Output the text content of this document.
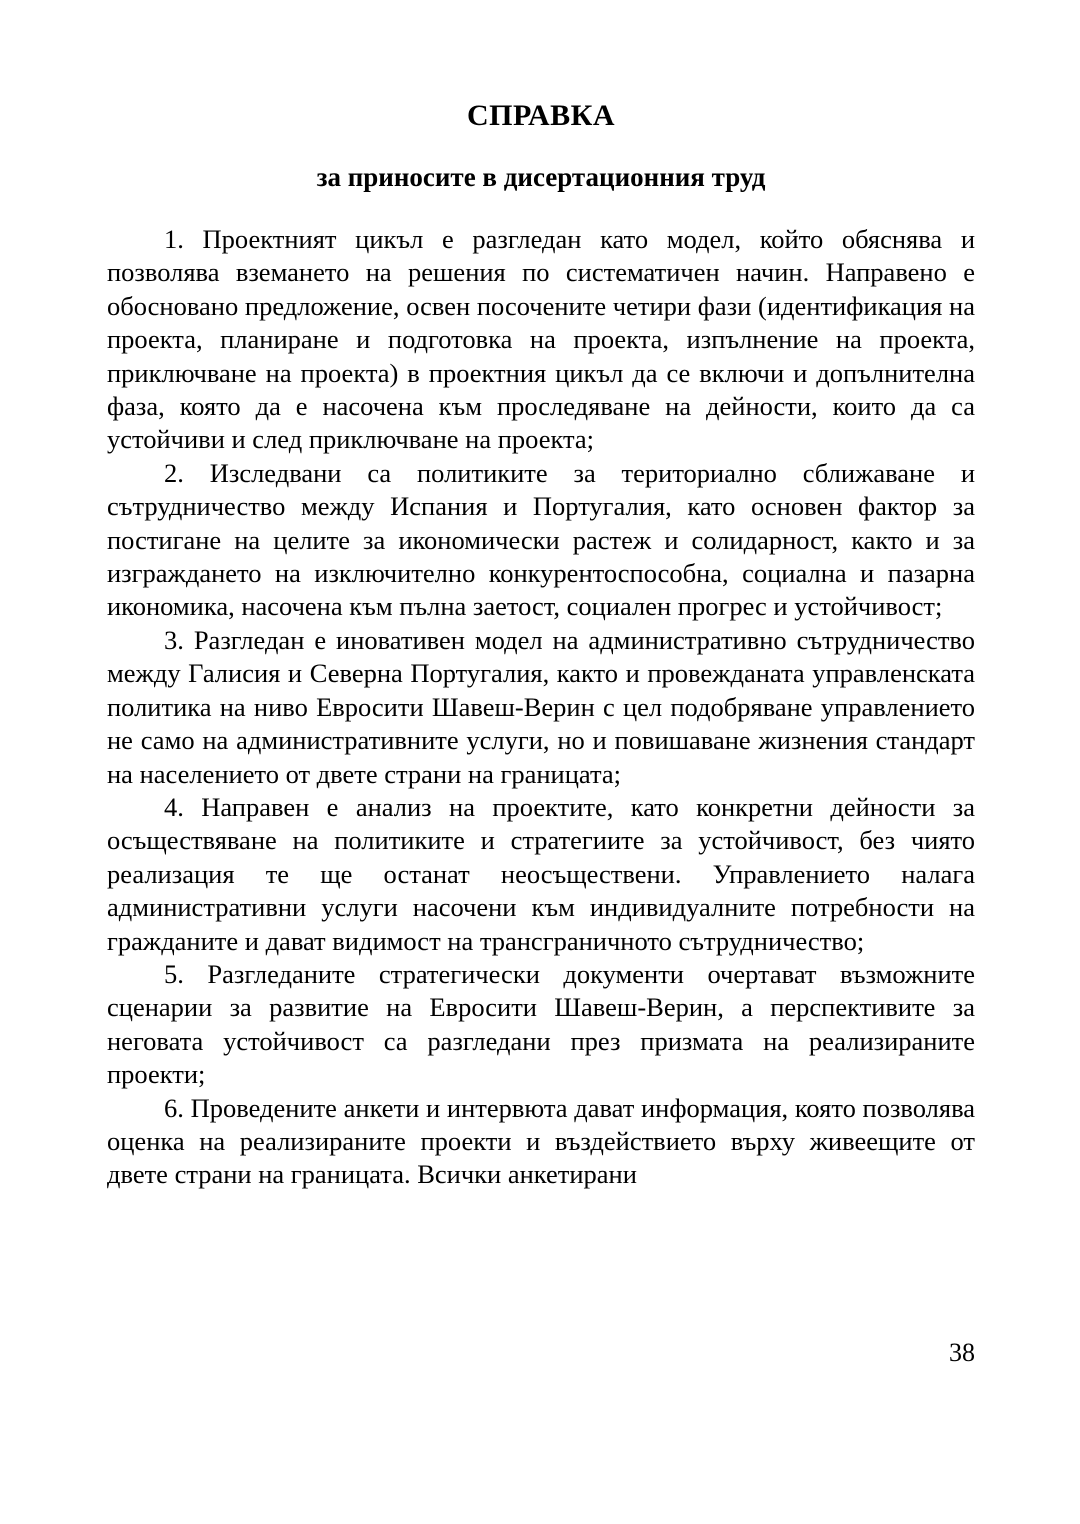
СПРАВКА
за приносите в дисертационния труд

1. Проектният цикъл е разгледан като модел, който обяснява и позволява вземането на решения по систематичен начин. Направено е обосновано предложение, освен посочените четири фази (идентификация на проекта, планиране и подготовка на проекта, изпълнение на проекта, приключване на проекта) в проектния цикъл да се включи и допълнителна фаза, която да е насочена към проследяване на дейности, които да са устойчиви и след приключване на проекта;

2. Изследвани са политиките за териториално сближаване и сътрудничество между Испания и Португалия, като основен фактор за постигане на целите за икономически растеж и солидарност, както и за изграждането на изключително конкурентоспособна, социална и пазарна икономика, насочена към пълна заетост, социален прогрес и устойчивост;

3. Разгледан е иновативен модел на административно сътрудничество между Галисия и Северна Португалия, както и провежданата управленската политика на ниво Евросити Шавеш-Верин с цел подобряване управлението не само на административните услуги, но и повишаване жизнения стандарт на населението от двете страни на границата;

4. Направен е анализ на проектите, като конкретни дейности за осъществяване на политиките и стратегиите за устойчивост, без чиято реализация те ще останат неосъществени. Управлението налага административни услуги насочени към индивидуалните потребности на гражданите и дават видимост на трансграничното сътрудничество;

5. Разгледаните стратегически документи очертават възможните сценарии за развитие на Евросити Шавеш-Верин, а перспективите за неговата устойчивост са разгледани през призмата на реализираните проекти;

6. Проведените анкети и интервюта дават информация, която позволява оценка на реализираните проекти и въздействието върху живеещите от двете страни на границата. Всички анкетирани

38
